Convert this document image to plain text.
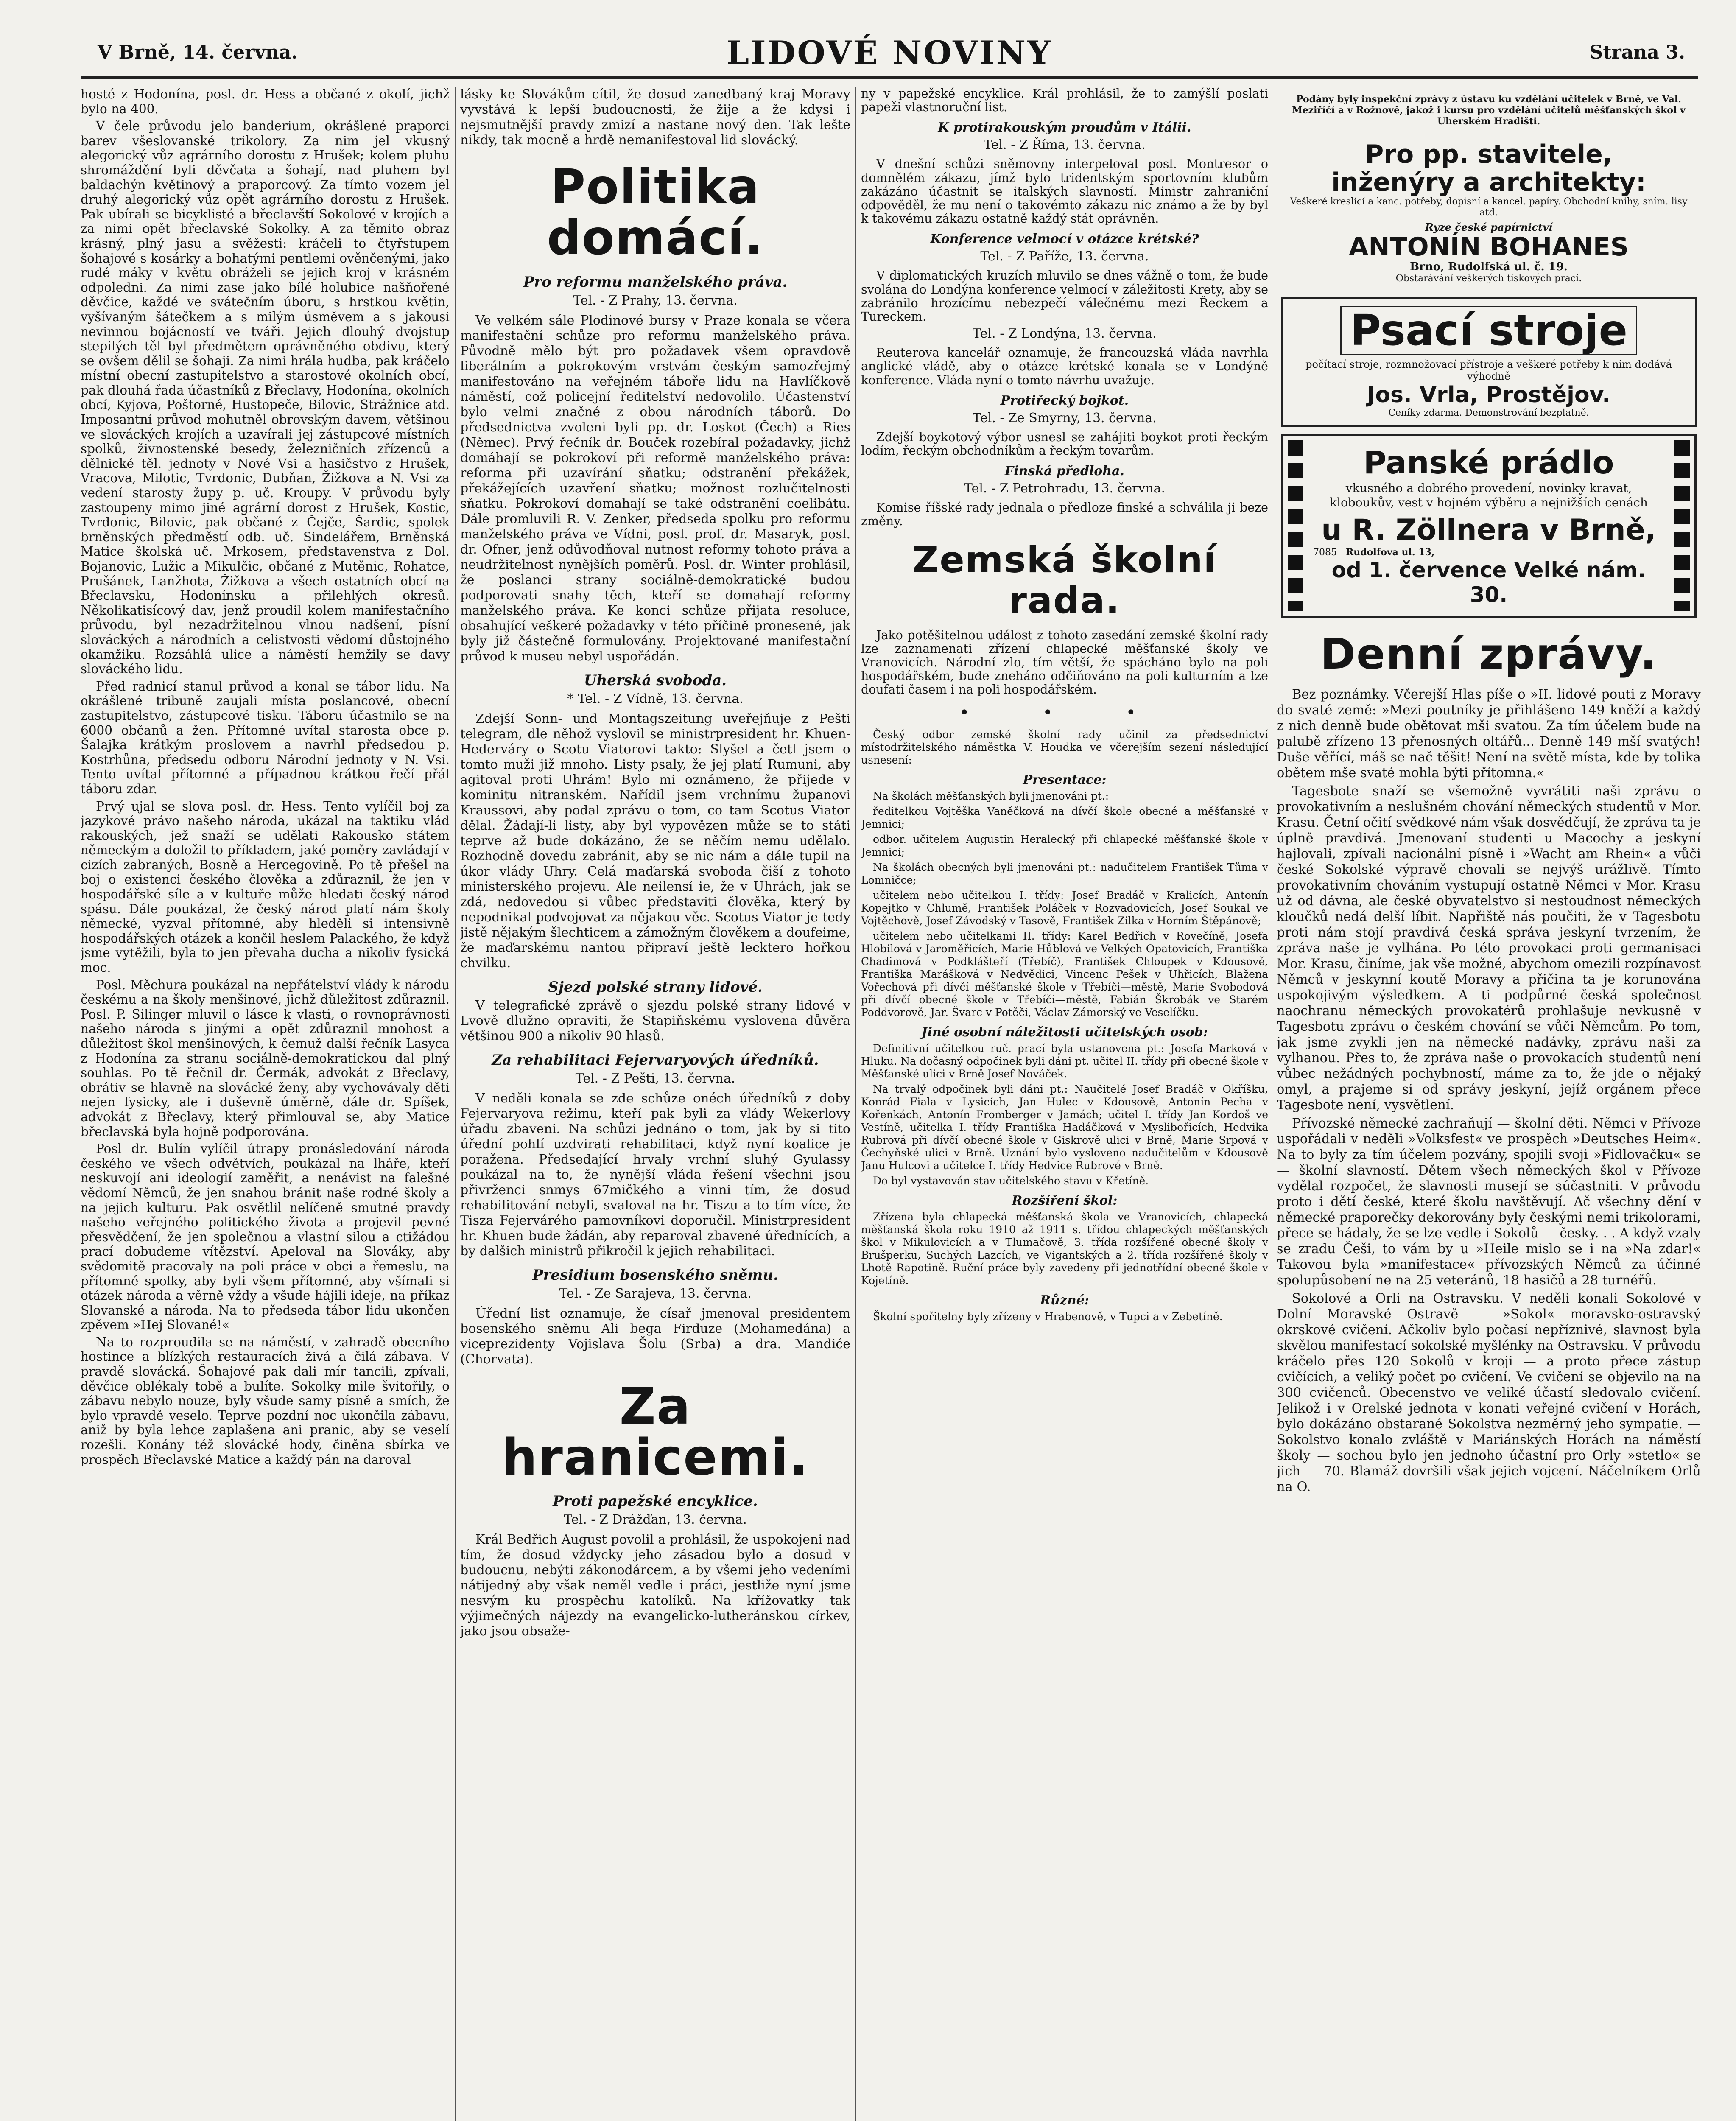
V Brně, 14. června.	LIDOVÉ NOVINY	Strana 3.

hosté z Hodonína, posl. dr. Hess a občané z okolí, jichž bylo na 400.

V čele průvodu jelo banderium, okrášlené praporci barev všeslovanské trikolory. Za nim jel vkusný alegorický vůz agrárního dorostu z Hrušek; kolem pluhu shromáždění byli děvčata a šohají, nad pluhem byl baldachýn květinový a praporcový. Za tímto vozem jel druhý alegorický vůz opět agrárního dorostu z Hrušek. Pak ubírali se bicyklisté a břeclavští Sokolové v krojích a za nimi opět břeclavské Sokolky. A za těmito obraz krásný, plný jasu a svěžesti: kráčeli to čtyřstupem šohajové s kosárky a bohatými pentlemi ověnčenými, jako rudé máky v květu obráželi se jejich kroj v krásném odpoledni. Za nimi zase jako bílé holubice našňořené děvčice, každé ve svátečním úboru, s hrstkou květin, vyšívaným šátečkem a s milým úsměvem a s jakousi nevinnou bojácností ve tváři. Jejich dlouhý dvojstup stepilých těl byl předmětem oprávněného obdivu, který se ovšem dělil se šohaji. Za nimi hrála hudba, pak kráčelo místní obecní zastupitelstvo a starostové okolních obcí, pak dlouhá řada účastníků z Břeclavy, Hodonína, okolních obcí, Kyjova, Poštorné, Hustopeče, Bilovic, Strážnice atd. Imposantní průvod mohutněl obrovským davem, většinou ve slováckých krojích a uzavírali jej zástupcové místních spolků, živnostenské besedy, železničních zřízenců a dělnické těl. jednoty v Nové Vsi a hasičstvo z Hrušek, Vracova, Milotic, Tvrdonic, Dubňan, Žižkova a N. Vsi za vedení starosty župy p. uč. Kroupy. V průvodu byly zastoupeny mimo jiné agrární dorost z Hrušek, Kostic, Tvrdonic, Bilovic, pak občané z Čejče, Šardic, spolek brněnských předměstí odb. uč. Sindelářem, Brněnská Matice školská uč. Mrkosem, představenstva z Dol. Bojanovic, Lužic a Mikulčic, občané z Mutěnic, Rohatce, Prušánek, Lanžhota, Žižkova a všech ostatních obcí na Břeclavsku, Hodonínsku a přilehlých okresů. Několikatisícový dav, jenž proudil kolem manifestačního průvodu, byl nezadržitelnou vlnou nadšení, písní slováckých a národních a celistvosti vědomí důstojného okamžiku. Rozsáhlá ulice a náměstí hemžily se davy slováckého lidu.

Před radnicí stanul průvod a konal se tábor lidu. Na okrášlené tribuně zaujali místa poslancové, obecní zastupitelstvo, zástupcové tisku. Táboru účastnilo se na 6000 občanů a žen. Přítomné uvítal starosta obce p. Šalajka krátkým proslovem a navrhl předsedou p. Kostrhůna, předsedu odboru Národní jednoty v N. Vsi. Tento uvítal přítomné a případnou krátkou řečí přál táboru zdar.

Prvý ujal se slova posl. dr. Hess. Tento vylíčil boj za jazykové právo našeho národa, ukázal na taktiku vlád rakouských, jež snaží se udělati Rakousko státem německým a doložil to příkladem, jaké poměry zavládají v cizích zabraných, Bosně a Hercegovině. Po tě přešel na boj o existenci českého člověka a zdůraznil, že jen v hospodářské síle a v kultuře může hledati český národ spásu. Dále poukázal, že český národ platí nám školy německé, vyzval přítomné, aby hleděli si intensivně hospodářských otázek a končil heslem Palackého, že když jsme vytěžili, byla to jen převaha ducha a nikoliv fysická moc.

Posl. Měchura poukázal na nepřátelství vlády k národu českému a na školy menšinové, jichž důležitost zdůraznil. Posl. P. Silinger mluvil o lásce k vlasti, o rovnoprávnosti našeho národa s jinými a opět zdůraznil mnohost a důležitost škol menšinových, k čemuž další řečník Lasyca z Hodonína za stranu sociálně-demokratickou dal plný souhlas. Po tě řečnil dr. Čermák, advokát z Břeclavy, obrátiv se hlavně na slovácké ženy, aby vychovávaly děti nejen fysicky, ale i duševně úměrně, dále dr. Spíšek, advokát z Břeclavy, který přimlouval se, aby Matice břeclavská byla hojně podporována.

Posl dr. Bulín vylíčil útrapy pronásledování národa českého ve všech odvětvích, poukázal na lháře, kteří neskuvojí ani ideologií zaměřit, a nenávist na falešné vědomí Němců, že jen snahou bránit naše rodné školy a na jejich kulturu. Pak osvětlil nelíčeně smutné pravdy našeho veřejného politického života a projevil pevné přesvědčení, že jen společnou a vlastní silou a ctižádou prací dobudeme vítězství. Apeloval na Slováky, aby svědomitě pracovaly na poli práce v obci a řemeslu, na přítomné spolky, aby byli všem přítomné, aby všímali si otázek národa a věrně vždy a všude hájili ideje, na příkaz Slovanské a národa. Na to předseda tábor lidu ukončen zpěvem »Hej Slované!«

Na to rozproudila se na náměstí, v zahradě obecního hostince a blízkých restauracích živá a čilá zábava. V pravdě slovácká. Šohajové pak dali mír tancili, zpívali, děvčice oblékaly tobě a bulíte. Sokolky mile švitořily, o zábavu nebylo nouze, byly všude samy písně a smích, že bylo vpravdě veselo. Teprve pozdní noc ukončila zábavu, aniž by byla lehce zaplašena ani pranic, aby se veselí rozešli. Konány též slovácké hody, činěna sbírka ve prospěch Břeclavské Matice a každý pán na daroval

lásky ke Slovákům cítil, že dosud zanedbaný kraj Moravy vyvstává k lepší budoucnosti, že žije a že kdysi i nejsmutnější pravdy zmizí a nastane nový den. Tak lešte nikdy, tak mocně a hrdě nemanifestoval lid slovácký.

Politika domácí.
Pro reformu manželského práva.
Tel. - Z Prahy, 13. června.

Ve velkém sále Plodinové bursy v Praze konala se včera manifestační schůze pro reformu manželského práva. Původně mělo být pro požadavek všem opravdově liberálním a pokrokovým vrstvám českým samozřejmý manifestováno na veřejném táboře lidu na Havlíčkově náměstí, což policejní ředitelství nedovolilo. Účastenství bylo velmi značné z obou národních táborů. Do předsednictva zvoleni byli pp. dr. Loskot (Čech) a Ries (Němec). Prvý řečník dr. Bouček rozebíral požadavky, jichž domáhají se pokrokoví při reformě manželského práva: reforma při uzavírání sňatku; odstranění překážek, překážejících uzavření sňatku; možnost rozlučitelnosti sňatku. Pokrokoví domahají se také odstranění coelibátu. Dále promluvili R. V. Zenker, předseda spolku pro reformu manželského práva ve Vídni, posl. prof. dr. Masaryk, posl. dr. Ofner, jenž odůvodňoval nutnost reformy tohoto práva a neudržitelnost nynějších poměrů. Posl. dr. Winter prohlásil, že poslanci strany sociálně-demokratické budou podporovati snahy těch, kteří se domahají reformy manželského práva. Ke konci schůze přijata resoluce, obsahující veškeré požadavky v této příčině pronesené, jak byly již částečně formulovány. Projektované manifestační průvod k museu nebyl uspořádán.

Uherská svoboda.
* Tel. - Z Vídně, 13. června.

Zdejší Sonn- und Montagszeitung uveřejňuje z Pešti telegram, dle něhož vyslovil se ministrpresident hr. Khuen-Hederváry o Scotu Viatorovi takto: Slyšel a četl jsem o tomto muži již mnoho. Listy psaly, že jej platí Rumuni, aby agitoval proti Uhrám! Bylo mi oznámeno, že přijede v kominitu nitranském. Nařídil jsem vrchnímu županovi Kraussovi, aby podal zprávu o tom, co tam Scotus Viator dělal. Žádají-li listy, aby byl vypovězen může se to státi teprve až bude dokázáno, že se něčím nemu udělalo. Rozhodně dovedu zabránit, aby se nic nám a dále tupil na úkor vlády Uhry. Celá maďarská svoboda čiší z tohoto ministerského projevu. Ale neilensí ie, že v Uhrách, jak se zdá, nedovedou si vůbec představiti člověka, který by nepodnikal podvojovat za nějakou věc. Scotus Viator je tedy jistě nějakým šlechticem a zámožným člověkem a doufeime, že maďarskému nantou připraví ještě lecktero hořkou chvilku.

Sjezd polské strany lidové.

V telegrafické zprávě o sjezdu polské strany lidové v Lvově dlužno opraviti, že Stapiňskému vyslovena důvěra většinou 900 a nikoliv 90 hlasů.

Za rehabilitaci Fejervaryových úředníků.
Tel. - Z Pešti, 13. června.

V neděli konala se zde schůze onéch úředníků z doby Fejervaryova režimu, kteří pak byli za vlády Wekerlovy úřadu zbaveni. Na schůzi jednáno o tom, jak by si tito úřední pohlí uzdvirati rehabilitaci, když nyní koalice je poražena. Předsedající hrvaly vrchní sluhý Gyulassy poukázal na to, že nynější vláda řešení všechni jsou přivrženci snmys 67mičkého a vinni tím, že dosud rehabilitování nebyli, svaloval na hr. Tiszu a to tím více, že Tisza Fejervárého pamovníkovi doporučil. Ministrpresident hr. Khuen bude žádán, aby reparoval zbavené úřednících, a by dalšich ministrů přikročil k jejich rehabilitaci.

Presidium bosenského sněmu.
Tel. - Ze Sarajeva, 13. června.

Úřední list oznamuje, že císař jmenoval presidentem bosenského sněmu Ali bega Firduze (Mohamedána) a viceprezidenty Vojislava Šolu (Srba) a dra. Mandiće (Chorvata).

Za hranicemi.
Proti papežské encyklice.
Tel. - Z Drážďan, 13. června.

Král Bedřich August povolil a prohlásil, že uspokojeni nad tím, že dosud vždycky jeho zásadou bylo a dosud v budoucnu, nebýti zákonodárcem, a by všemi jeho vedeními nátijedný aby však neměl vedle i práci, jestliže nyní jsme nesvým ku prospěchu katolíků. Na křížovatky tak výjimečných nájezdy na evangelicko-lutheránskou církev, jako jsou obsaže-

ny v papežské encyklice. Král prohlásil, že to zamýšlí poslati papeži vlastnoruční list.

K protirakouským proudům v Itálii.
Tel. - Z Říma, 13. června.

V dnešní schůzi sněmovny interpeloval posl. Montresor o domnělém zákazu, jímž bylo tridentským sportovním klubům zakázáno účastnit se italských slavností. Ministr zahraniční odpověděl, že mu není o takovémto zákazu nic známo a že by byl k takovému zákazu ostatně každý stát oprávněn.

Konference velmocí v otázce krétské?
Tel. - Z Paříže, 13. června.

V diplomatických kruzích mluvilo se dnes vážně o tom, že bude svolána do Londýna konference velmocí v záležitosti Krety, aby se zabránilo hrozícímu nebezpečí válečnému mezi Řeckem a Tureckem.

Tel. - Z Londýna, 13. června.

Reuterova kancelář oznamuje, že francouzská vláda navrhla anglické vládě, aby o otázce krétské konala se v Londýně konference. Vláda nyní o tomto návrhu uvažuje.

Protiřecký bojkot.
Tel. - Ze Smyrny, 13. června.

Zdejší boykotový výbor usnesl se zahájiti boykot proti řeckým lodím, řeckým obchodníkům a řeckým tovarům.

Finská předloha.
Tel. - Z Petrohradu, 13. června.

Komise říšské rady jednala o předloze finské a schválila ji beze změny.

Zemská školní rada.

Jako potěšitelnou událost z tohoto zasedání zemské školní rady lze zaznamenati zřízení chlapecké měšťanské školy ve Vranovicích. Národní zlo, tím větší, že spácháno bylo na poli hospodářském, bude zneháno odčiňováno na poli kulturním a lze doufati časem i na poli hospodářském.

• • •

Český odbor zemské školní rady učinil za předsednictví místodržitelského náměstka V. Houdka ve včerejším sezení následující usnesení:

Presentace:

Na školách měšťanských byli jmenováni pt.:

ředitelkou Vojtěška Vaněčková na dívčí škole obecné a měšťanské v Jemnici;

odbor. učitelem Augustin Heralecký při chlapecké měšťanské škole v Jemnici;

Na školách obecných byli jmenováni pt.: nadučitelem František Tůma v Lomničce;

učitelem nebo učitelkou I. třídy: Josef Bradáč v Kralicích, Antonín Kopejtko v Chlumě, František Poláček v Rozvadovicích, Josef Soukal ve Vojtěchově, Josef Závodský v Tasově, František Zilka v Horním Štěpánově;

učitelem nebo učitelkami II. třídy: Karel Bedřich v Rovečíně, Josefa Hlobilová v Jaroměřicích, Marie Hůblová ve Velkých Opatovicích, Františka Chadimová v Podklášteří (Třebíč), František Chloupek v Kdousově, Františka Marášková v Nedvědici, Vincenc Pešek v Uhřicích, Blažena Vořechová při dívčí měšťanské škole v Třebíči—městě, Marie Svobodová při dívčí obecné škole v Třebíči—městě, Fabián Škrobák ve Starém Poddvorově, Jar. Švarc v Potěči, Václav Zámorský ve Veselíčku.

Jiné osobní náležitosti učitelských osob:

Definitivní učitelkou ruč. prací byla ustanovena pt.: Josefa Marková v Hluku. Na dočasný odpočinek byli dáni pt. učitel II. třídy při obecné škole v Měšťanské ulici v Brně Josef Nováček.

Na trvalý odpočinek byli dáni pt.: Naučitelé Josef Bradáč v Okříšku, Konrád Fiala v Lysicích, Jan Hulec v Kdousově, Antonín Pecha v Kořenkách, Antonín Fromberger v Jamách; učitel I. třídy Jan Kordoš ve Vestíně, učitelka I. třídy Františka Hadáčková v Myslibořicích, Hedvika Rubrová při dívčí obecné škole v Giskrově ulici v Brně, Marie Srpová v Čechyňské ulici v Brně. Uznání bylo vysloveno nadučitelům v Kdousově Janu Hulcovi a učitelce I. třídy Hedvice Rubrové v Brně.

Do byl vystavován stav učitelského stavu v Křetíně.

Rozšíření škol:

Zřízena byla chlapecká měšťanská škola ve Vranovicích, chlapecká měšťanská škola roku 1910 až 1911 s. třídou chlapeckých měšťanských škol v Mikulovicích a v Tlumačově, 3. třída rozšířené obecné školy v Brušperku, Suchých Lazcích, ve Vigantských a 2. třída rozšířené školy v Lhotě Rapotině. Ruční práce byly zavedeny při jednotřídní obecné škole v Kojetíně.

Různé:

Školní spořitelny byly zřízeny v Hrabenově, v Tupci a v Zebetíně.

Podány byly inspekční zprávy z ústavu ku vzdělání učitelek v Brně, ve Val. Meziříčí a v Rožnově, jakož i kursu pro vzdělání učitelů měšťanských škol v Uherském Hradišti.
Pro pp. stavitele,
inženýry a architekty:
Veškeré kreslící a kanc. potřeby, dopisní a kancel. papíry. Obchodní knihy, sním. lisy atd.
Ryze české papírnictví
ANTONÍN BOHANES
Brno, Rudolfská ul. č. 19.
Obstarávání veškerých tiskových prací.
Psací stroje
počítací stroje, rozmnožovací přístroje a veškeré potřeby k nim dodává výhodně
Jos. Vrla, Prostějov.
Ceníky zdarma. Demonstrování bezplatně.
Panské prádlo
vkusného a dobrého provedení, novinky kravat, kloboukův, vest v hojném výběru a nejnižších cenách
u R. Zöllnera v Brně,
7085 Rudolfova ul. 13,
od 1. července Velké nám. 30.
Denní zprávy.

Bez poznámky. Včerejší Hlas píše o »II. lidové pouti z Moravy do svaté země: »Mezi poutníky je přihlášeno 149 kněží a každý z nich denně bude obětovat mši svatou. Za tím účelem bude na palubě zřízeno 13 přenosných oltářů... Denně 149 mší svatých! Duše věřící, máš se nač těšit! Není na světě místa, kde by tolika obětem mše svaté mohla býti přítomna.«

Tagesbote snaží se všemožně vyvrátiti naši zprávu o provokativním a neslušném chování německých studentů v Mor. Krasu. Četní očití svědkové nám však dosvědčují, že zpráva ta je úplně pravdivá. Jmenovaní studenti u Macochy a jeskyní hajlovali, zpívali nacionální písně i »Wacht am Rhein« a vůči české Sokolské výpravě chovali se nejvýš urážlivě. Tímto provokativním chováním vystupují ostatně Němci v Mor. Krasu už od dávna, ale české obyvatelstvo si nestoudnost německých kloučků nedá delší líbit. Napřiště nás poučiti, že v Tagesbotu proti nám stojí pravdivá česká správa jeskyní tvrzením, že zpráva naše je vylhána. Po této provokaci proti germanisaci Mor. Krasu, činíme, jak vše možné, abychom omezili rozpínavost Němců v jeskynní koutě Moravy a přičina ta je korunována uspokojivým výsledkem. A ti podpůrné česká společnost naochranu německých provokatérů prohlašuje nevkusně v Tagesbotu zprávu o českém chování se vůči Němcům. Po tom, jak jsme zvykli jen na německé nadávky, zprávu naši za vylhanou. Přes to, že zpráva naše o provokacích studentů není vůbec nežádných pochybností, máme za to, že jde o nějaký omyl, a prajeme si od správy jeskyní, jejíž orgánem přece Tagesbote není, vysvětlení.

Přívozské německé zachraňují — školní děti. Němci v Přívoze uspořádali v neděli »Volksfest« ve prospěch »Deutsches Heim«. Na to byly za tím účelem pozvány, spojili svoji »Fidlovačku« se — školní slavností. Dětem všech německých škol v Přívoze vydělal rozpočet, že slavnosti musejí se súčastniti. V průvodu proto i dětí české, které školu navštěvují. Ač všechny dění v německé praporečky dekorovány byly českými nemi trikolorami, přece se hádaly, že se lze vedle i Sokolů — česky. . . A když vzaly se zradu Češi, to vám by u »Heile mislo se i na »Na zdar!« Takovou byla »manifestace« přívozských Němců za účinné spolupůsobení ne na 25 veteránů, 18 hasičů a 28 turnéřů.

Sokolové a Orli na Ostravsku. V neděli konali Sokolové v Dolní Moravské Ostravě — »Sokol« moravsko-ostravský okrskové cvičení. Ačkoliv bylo počasí nepříznivé, slavnost byla skvělou manifestací sokolské myšlénky na Ostravsku. V průvodu kráčelo přes 120 Sokolů v kroji — a proto přece zástup cvičících, a veliký počet po cvičení. Ve cvičení se objevilo na na 300 cvičenců. Obecenstvo ve veliké účastí sledovalo cvičení. Jelikož i v Orelské jednota v konati veřejné cvičení v Horách, bylo dokázáno obstarané Sokolstva nezměrný jeho sympatie. — Sokolstvo konalo zvláště v Mariánských Horách na náměstí školy — sochou bylo jen jednoho účastní pro Orly »stetlo« se jich — 70. Blamáž dovršili však jejich vojcení. Náčelníkem Orlů na O.
